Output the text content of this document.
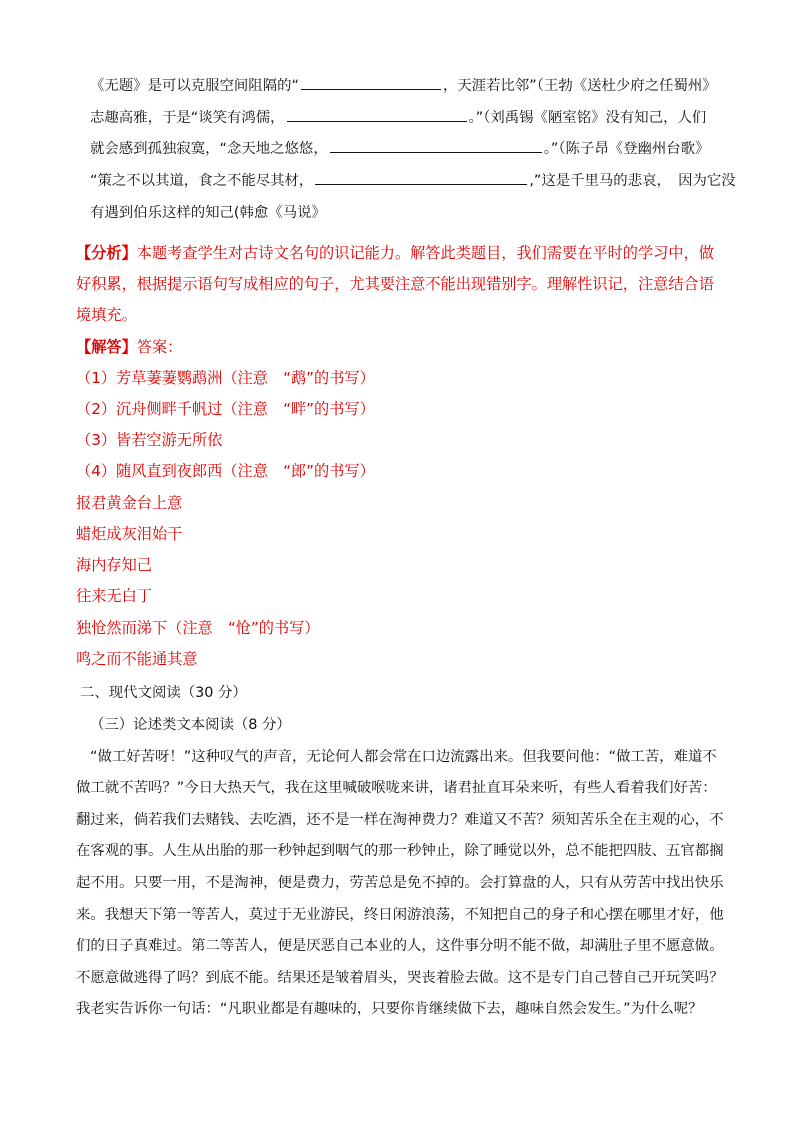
《无题》是可以克服空间阻隔的“	，天涯若比邻”（王勃《送杜少府之任蜀州》
志趣高雅，于是“谈笑有鸿儒，	。”（刘禹锡《陋室铭》没有知己，人们
就会感到孤独寂寞，“念天地之悠悠，	。”（陈子昂《登幽州台歌》
“策之不以其道，食之不能尽其材，	,”这是千里马的悲哀，　因为它没
有遇到伯乐这样的知己(韩愈《马说》
【分析】本题考查学生对古诗文名句的识记能力。解答此类题目，我们需要在平时的学习中，做
好积累，根据提示语句写成相应的句子，尤其要注意不能出现错别字。理解性识记，注意结合语
境填充。
【解答】答案：
（1）芳草萋萋鹦鹉洲（注意　“鹉”的书写）
（2）沉舟侧畔千帆过（注意　“畔”的书写）
（3）皆若空游无所依
（4）随风直到夜郎西（注意　“郎”的书写）
报君黄金台上意
蜡炬成灰泪始干
海内存知己
往来无白丁
独怆然而涕下（注意　“怆”的书写）
鸣之而不能通其意
二、现代文阅读（30 分）
（三）论述类文本阅读（8 分）
“做工好苦呀！”这种叹气的声音，无论何人都会常在口边流露出来。但我要问他：“做工苦，难道不
做工就不苦吗？”今日大热天气，我在这里喊破喉咙来讲，诸君扯直耳朵来听，有些人看着我们好苦：
翻过来，倘若我们去赌钱、去吃酒，还不是一样在淘神费力？难道又不苦？须知苦乐全在主观的心，不
在客观的事。人生从出胎的那一秒钟起到咽气的那一秒钟止，除了睡觉以外，总不能把四肢、五官都搁
起不用。只要一用，不是淘神，便是费力，劳苦总是免不掉的。会打算盘的人，只有从劳苦中找出快乐
来。我想天下第一等苦人，莫过于无业游民，终日闲游浪荡，不知把自己的身子和心摆在哪里才好，他
们的日子真难过。第二等苦人，便是厌恶自己本业的人，这件事分明不能不做，却满肚子里不愿意做。
不愿意做逃得了吗？到底不能。结果还是皱着眉头，哭丧着脸去做。这不是专门自己替自己开玩笑吗？
我老实告诉你一句话：“凡职业都是有趣味的，只要你肯继续做下去，趣味自然会发生。”为什么呢？
